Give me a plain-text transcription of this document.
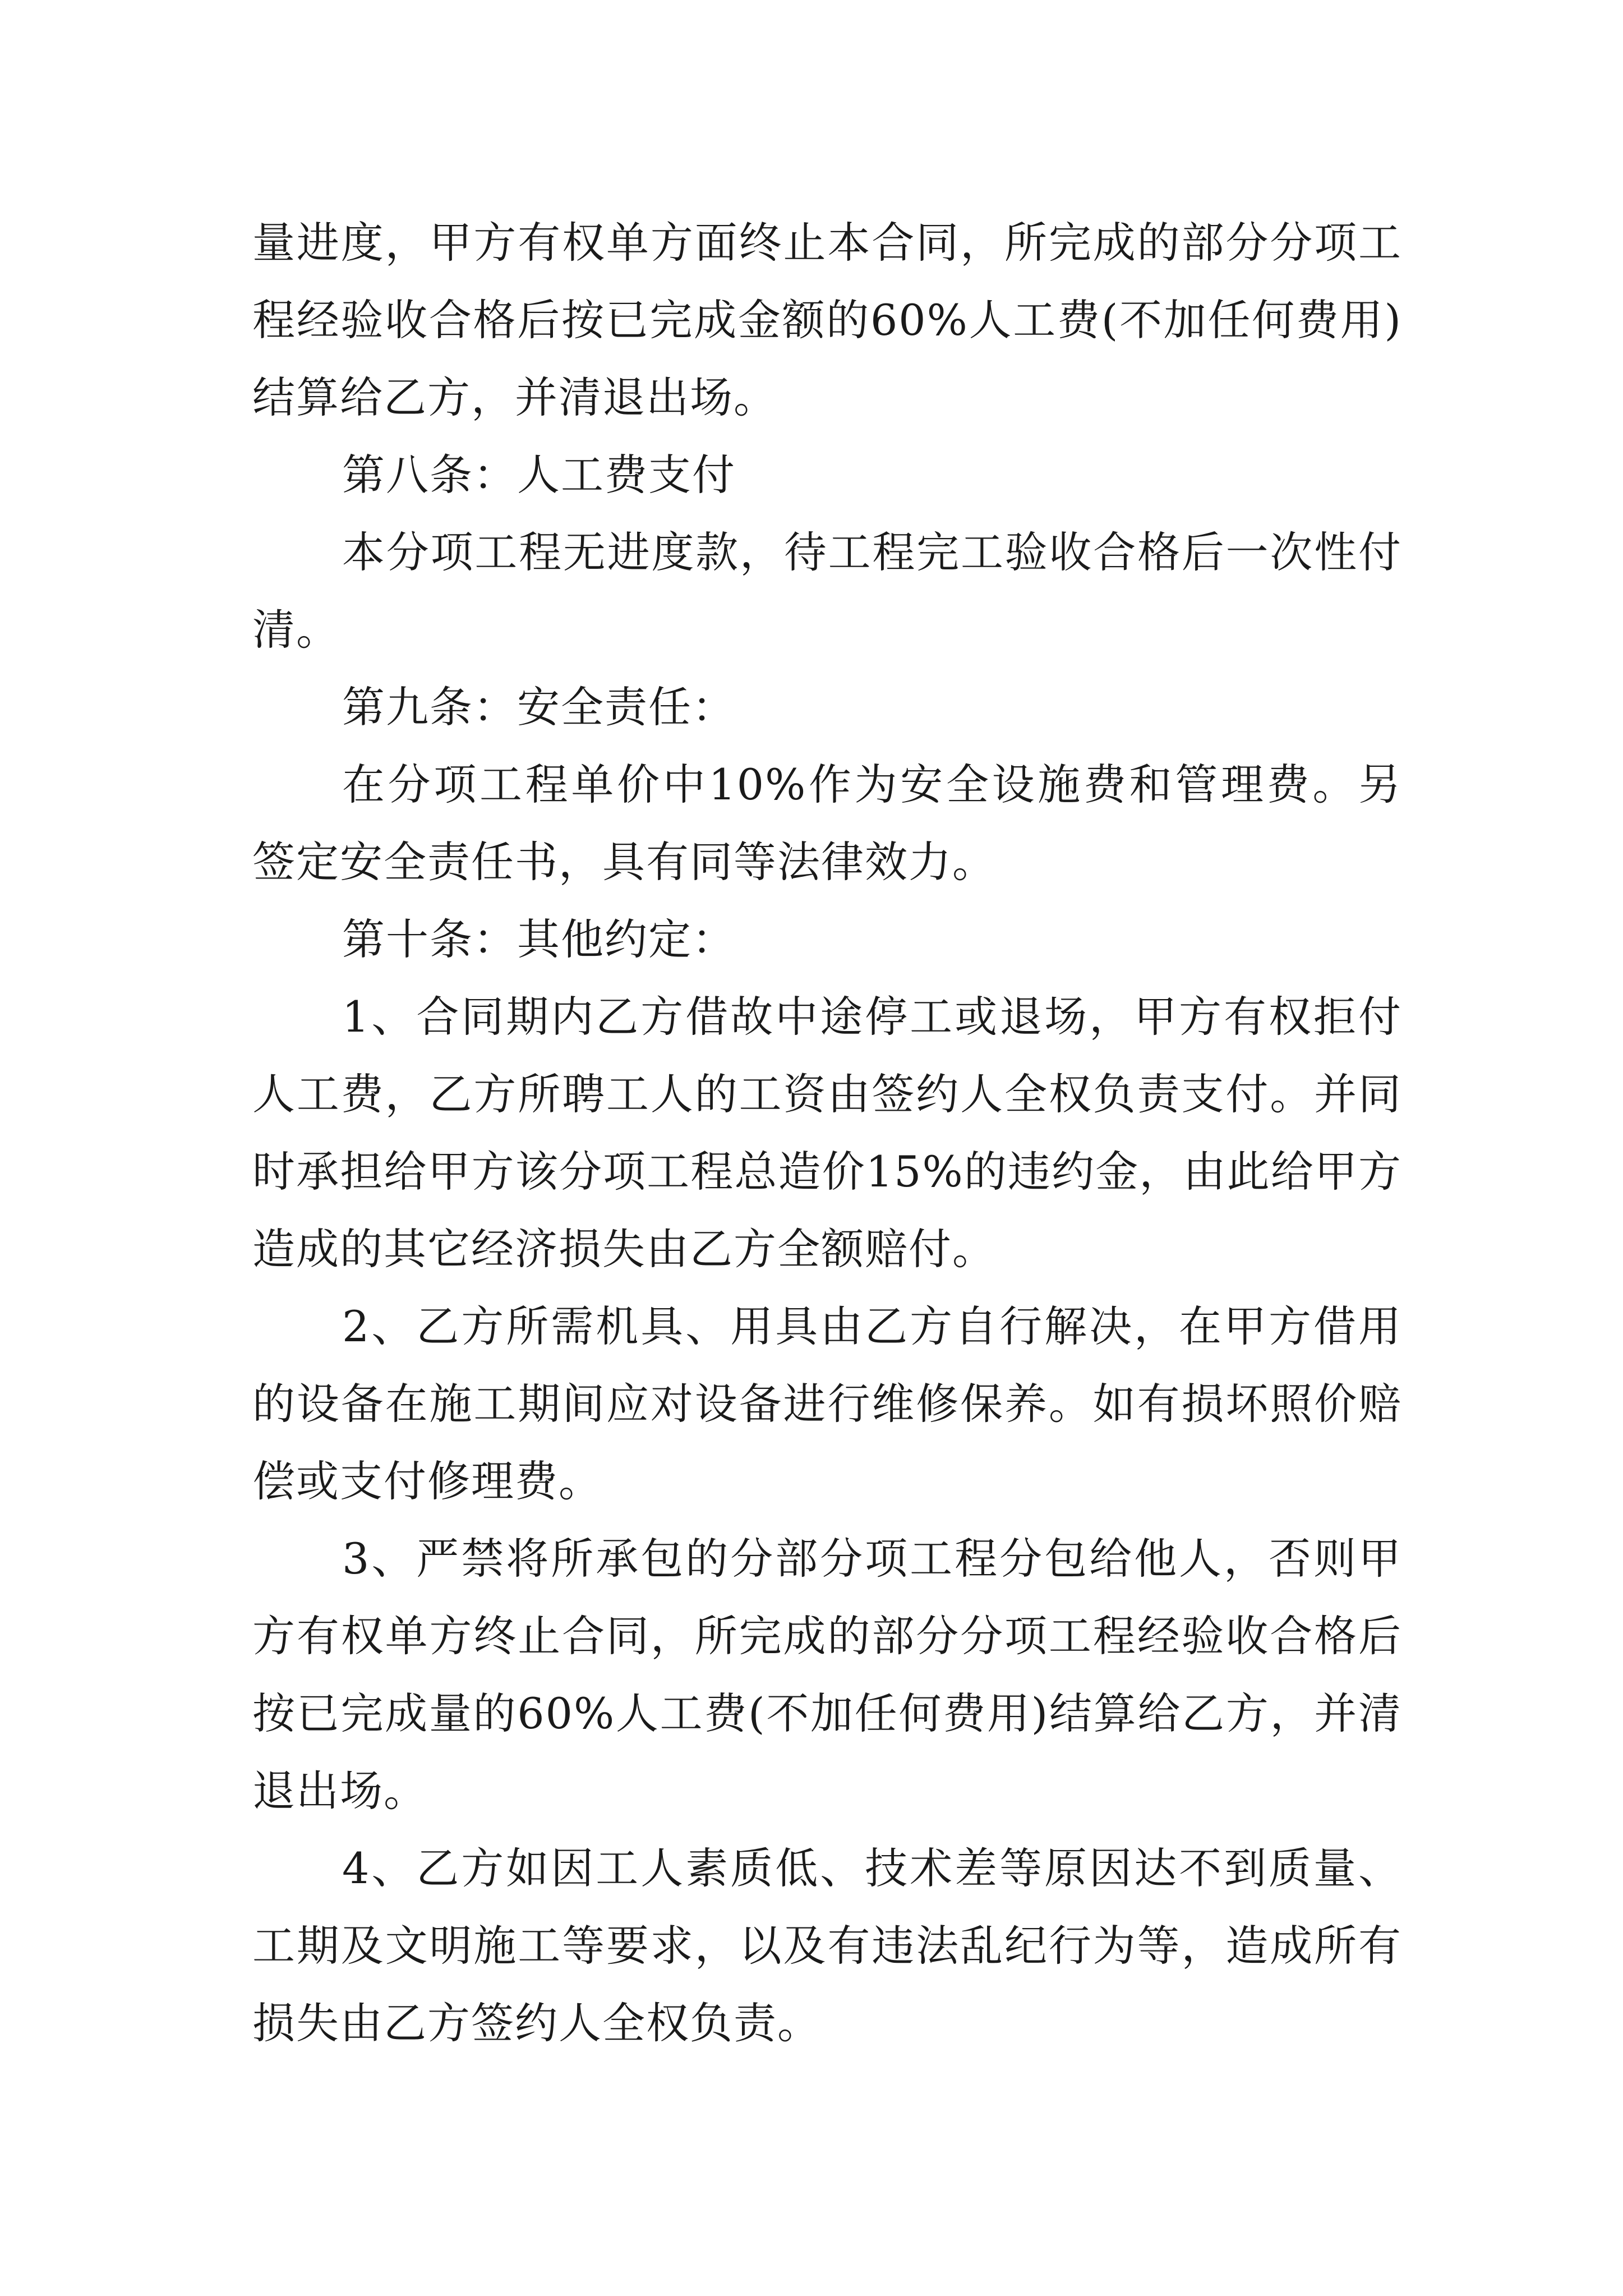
量进度，甲方有权单方面终止本合同，所完成的部分分项工程经验收合格后按已完成金额的60%人工费(不加任何费用)结算给乙方，并清退出场。

第八条：人工费支付

本分项工程无进度款，待工程完工验收合格后一次性付清。

第九条：安全责任：

在分项工程单价中10%作为安全设施费和管理费。另签定安全责任书，具有同等法律效力。

第十条：其他约定：

1、合同期内乙方借故中途停工或退场，甲方有权拒付人工费，乙方所聘工人的工资由签约人全权负责支付。并同时承担给甲方该分项工程总造价15%的违约金，由此给甲方造成的其它经济损失由乙方全额赔付。

2、乙方所需机具、用具由乙方自行解决，在甲方借用的设备在施工期间应对设备进行维修保养。如有损坏照价赔偿或支付修理费。

3、严禁将所承包的分部分项工程分包给他人，否则甲方有权单方终止合同，所完成的部分分项工程经验收合格后按已完成量的60%人工费(不加任何费用)结算给乙方，并清退出场。

4、乙方如因工人素质低、技术差等原因达不到质量、工期及文明施工等要求，以及有违法乱纪行为等，造成所有损失由乙方签约人全权负责。
